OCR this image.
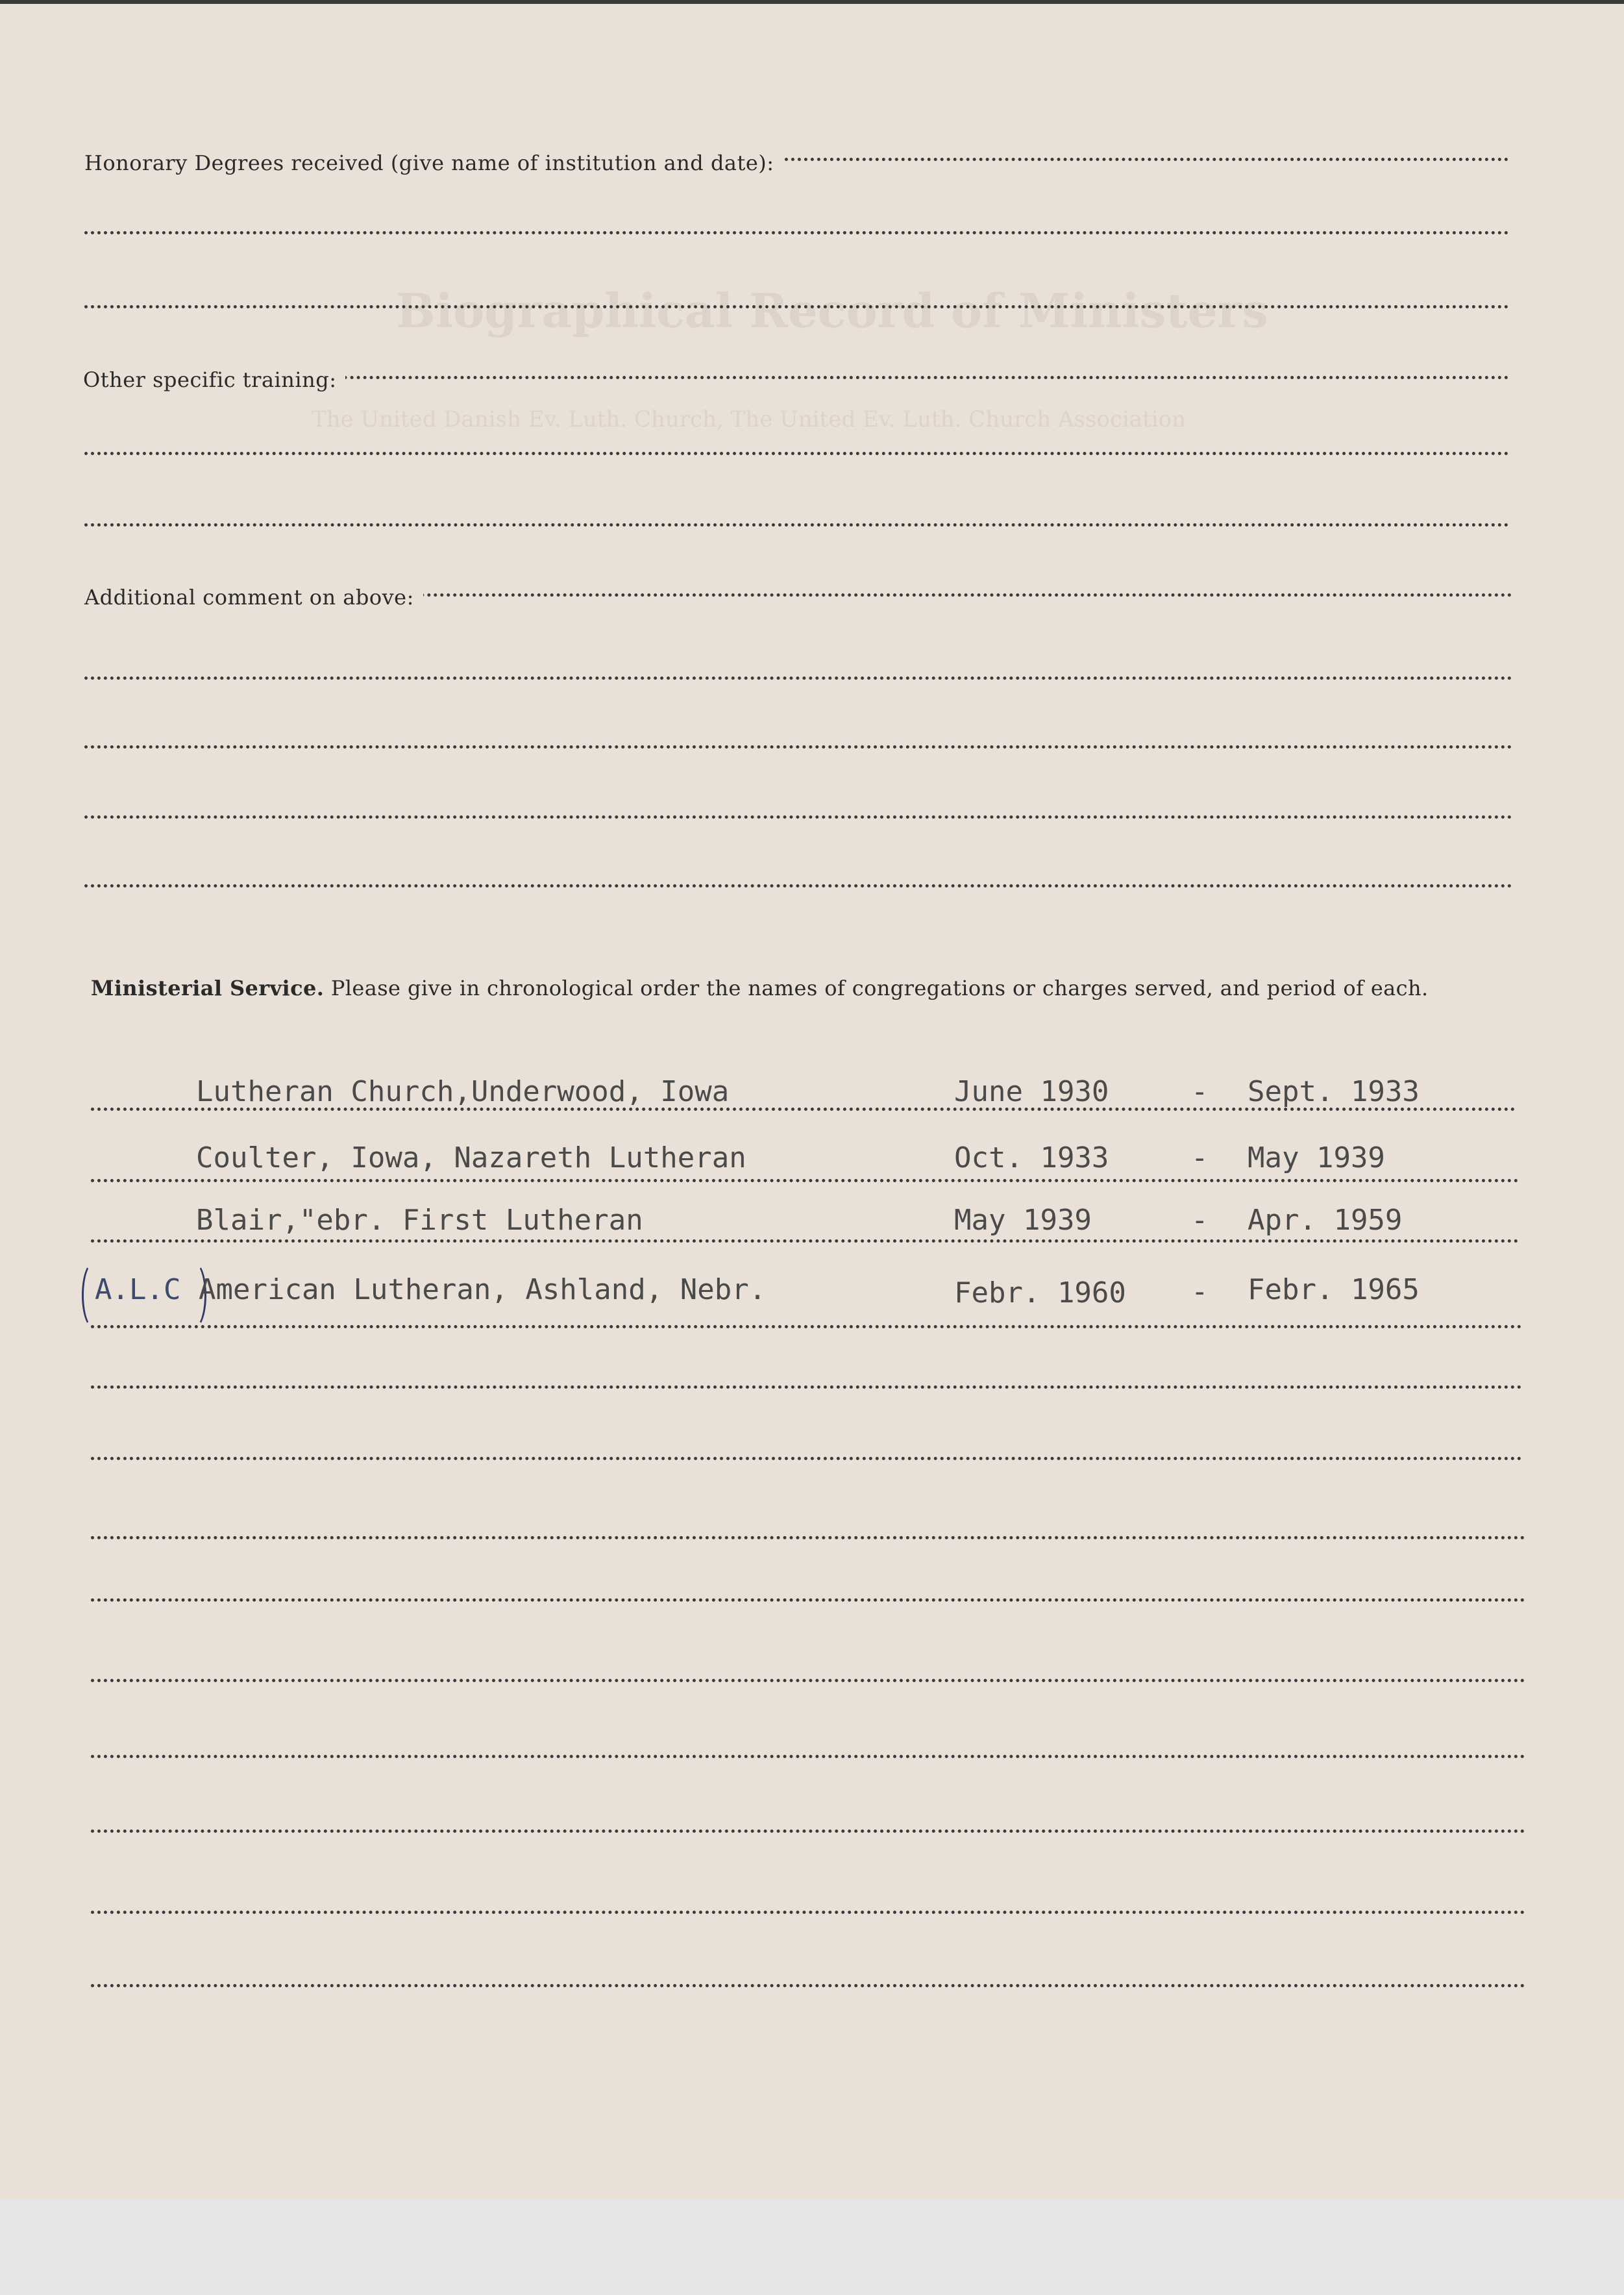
Biographical Record of Ministers
The United Danish Ev. Luth. Church, The United Ev. Luth. Church Association
Honorary Degrees received (give name of institution and date):
Other specific training:
Additional comment on above:
Ministerial Service. Please give in chronological order the names of congregations or charges served, and period of each.
Lutheran Church,Underwood, Iowa	June 1930	- Sept. 1933
Coulter, Iowa, Nazareth Lutheran	Oct. 1933	- May 1939
Blair,"ebr. First Lutheran	May 1939	- Apr. 1959
A.L.C American Lutheran, Ashland, Nebr.	Febr. 1960 - Febr. 1965
